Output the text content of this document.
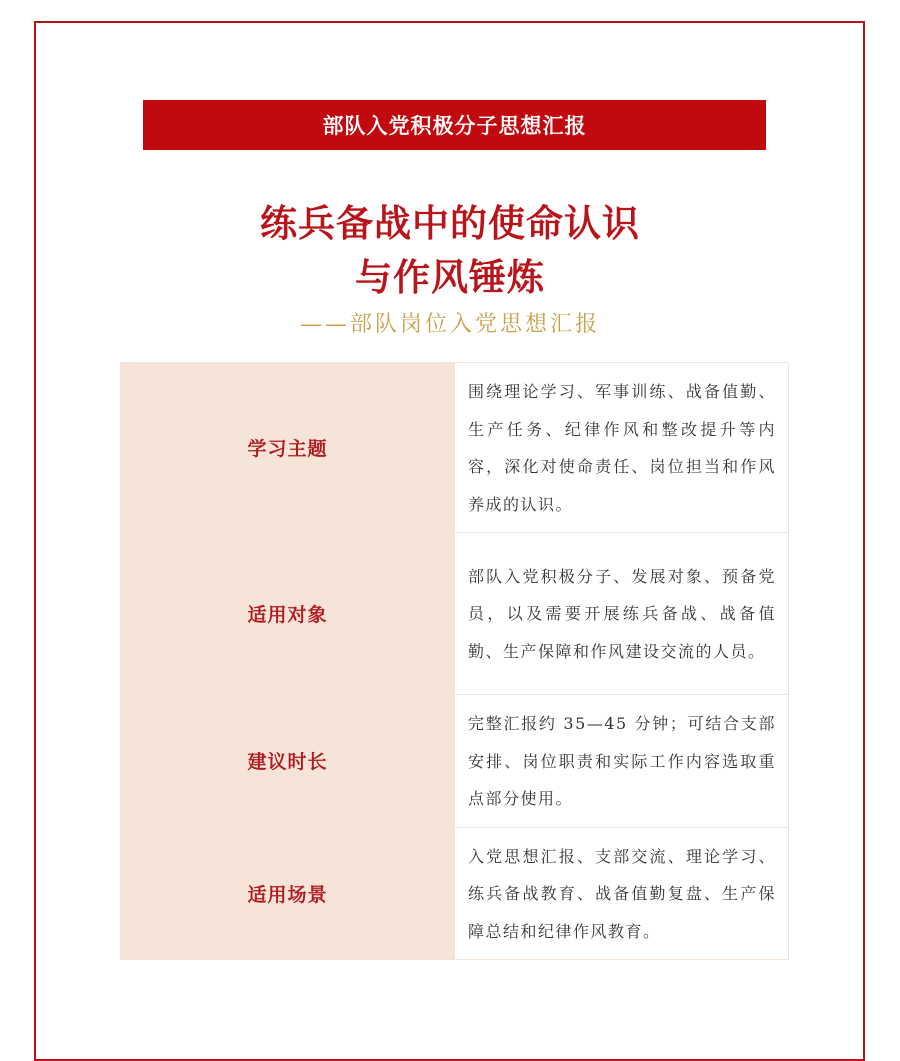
部队入党积极分子思想汇报
练兵备战中的使命认识
与作风锤炼
——部队岗位入党思想汇报
学习主题	围绕理论学习、军事训练、战备值勤、生产任务、纪律作风和整改提升等内容，深化对使命责任、岗位担当和作风养成的认识。
适用对象	部队入党积极分子、发展对象、预备党员，以及需要开展练兵备战、战备值勤、生产保障和作风建设交流的人员。
建议时长	完整汇报约 35—45 分钟；可结合支部安排、岗位职责和实际工作内容选取重点部分使用。
适用场景	入党思想汇报、支部交流、理论学习、练兵备战教育、战备值勤复盘、生产保障总结和纪律作风教育。
